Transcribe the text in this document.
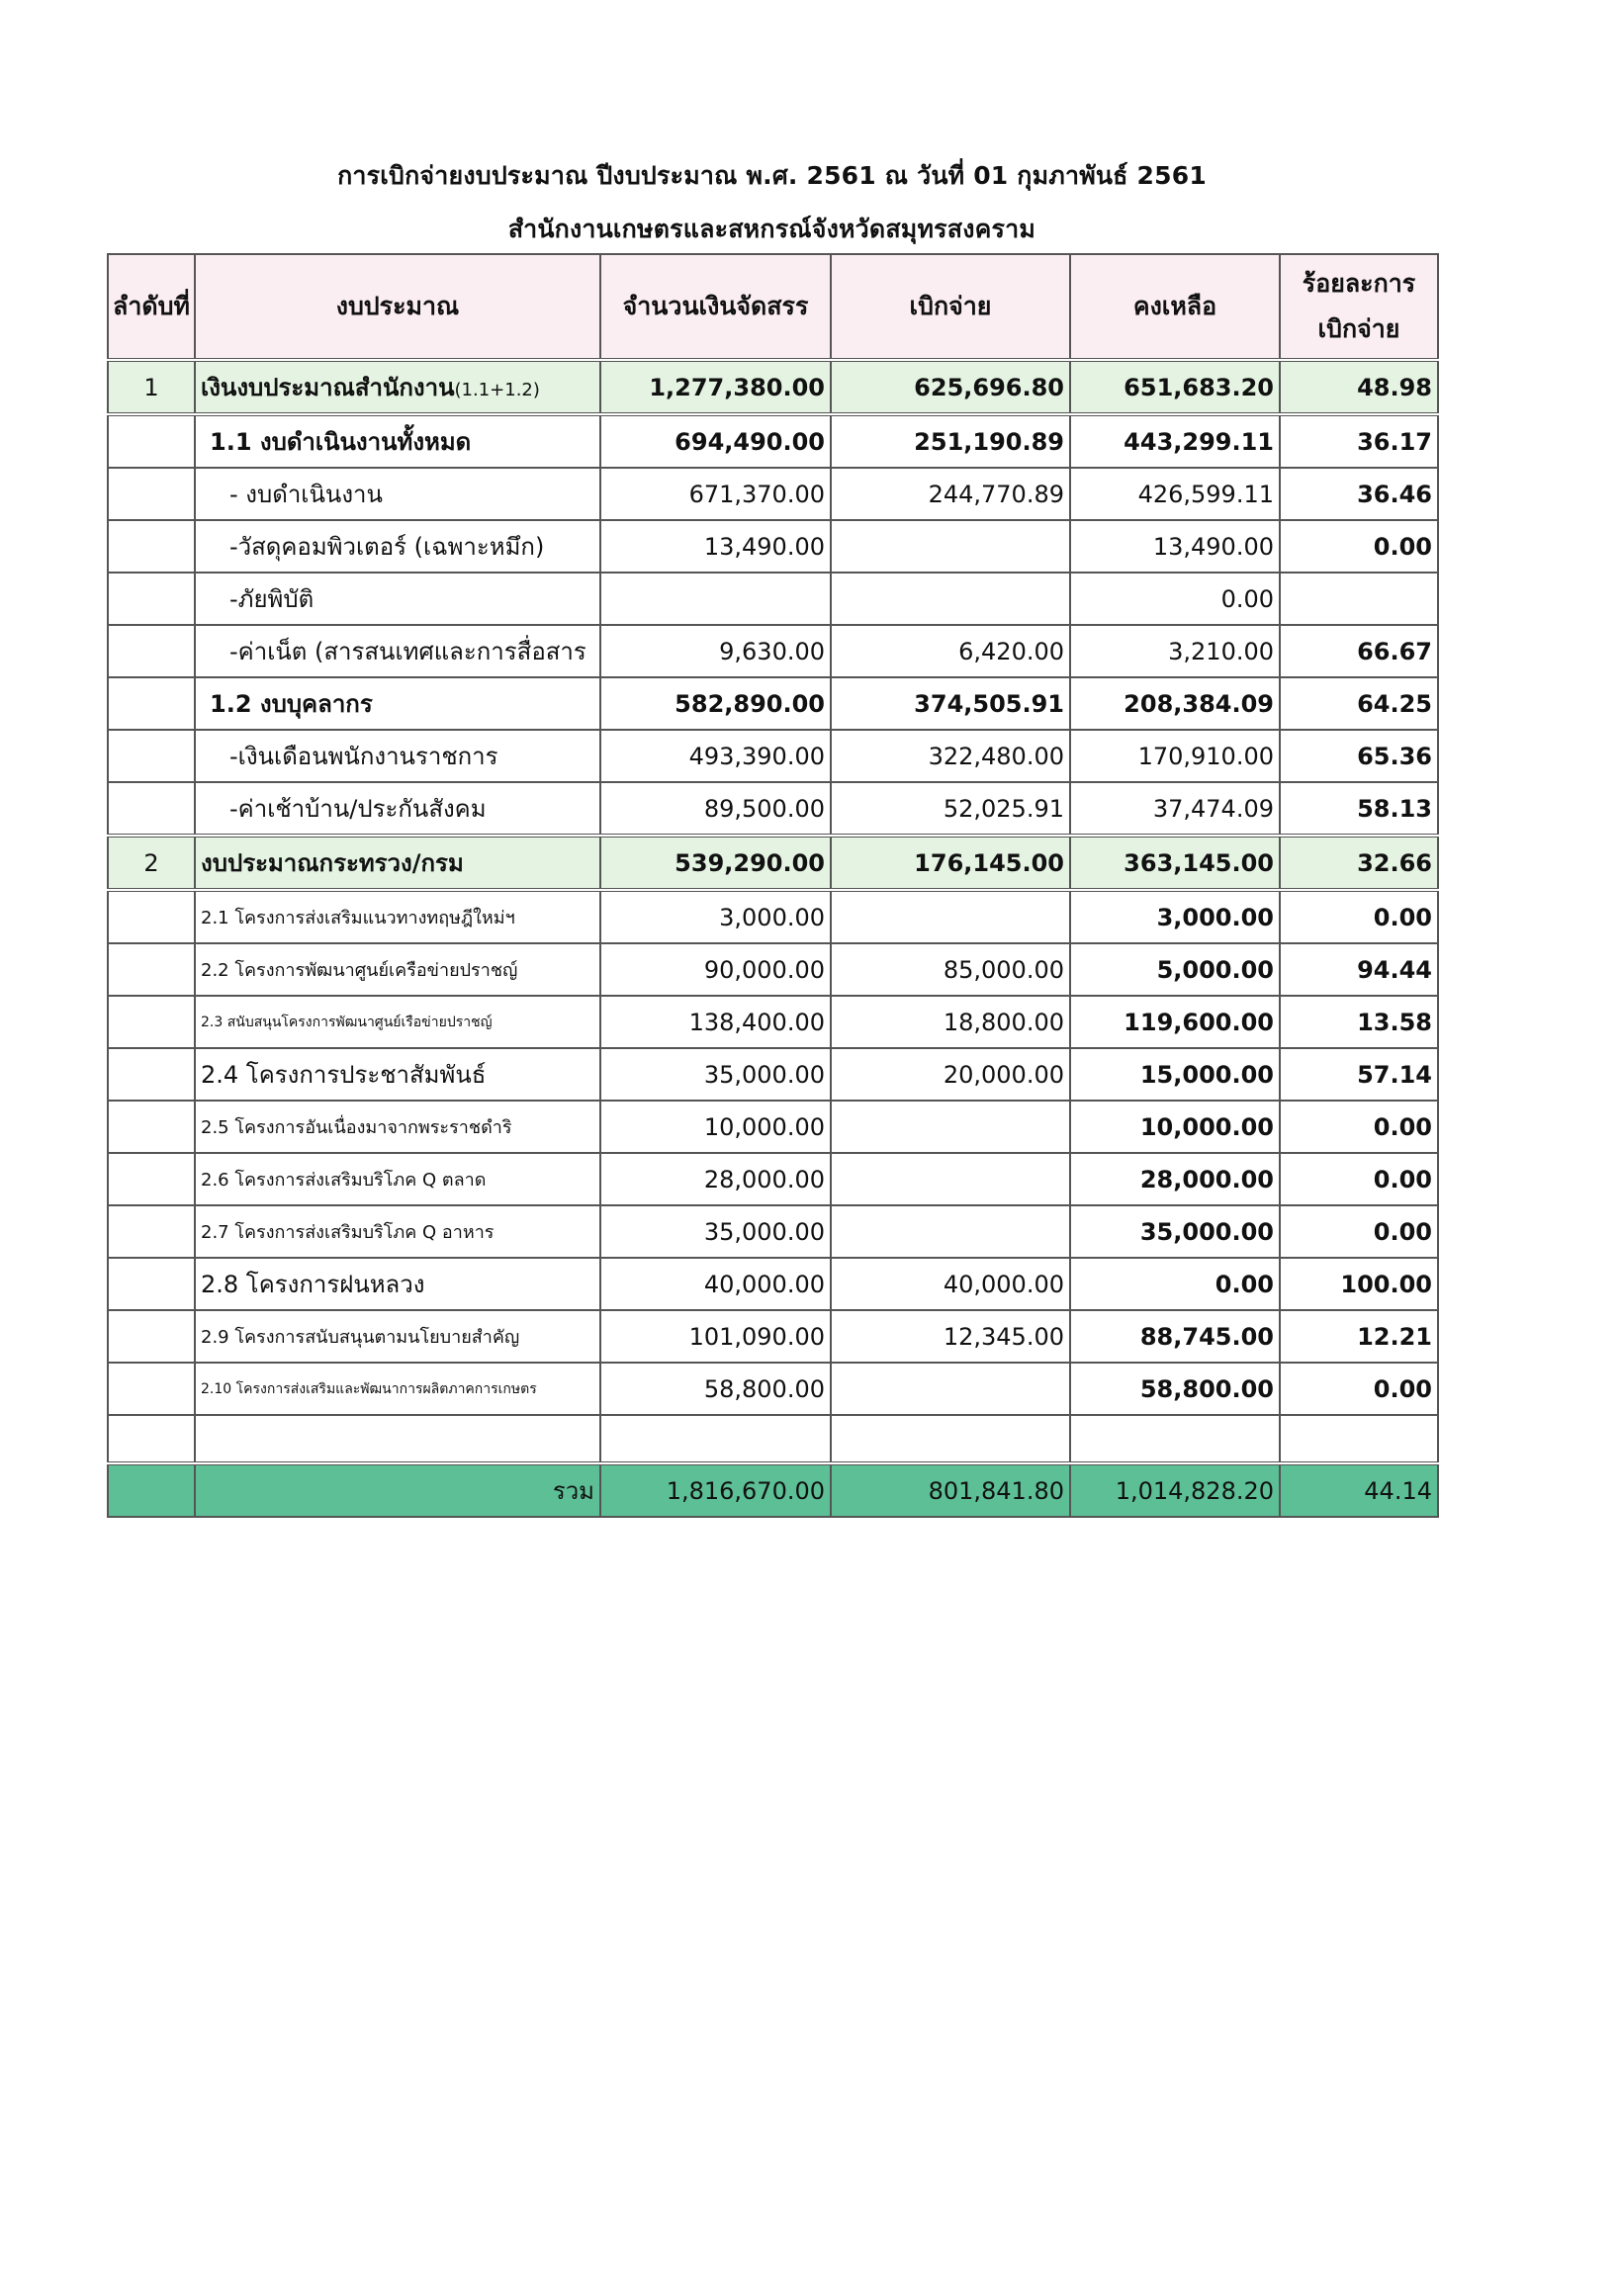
การเบิกจ่ายงบประมาณ ปีงบประมาณ พ.ศ. 2561 ณ วันที่ 01 กุมภาพันธ์ 2561
สำนักงานเกษตรและสหกรณ์จังหวัดสมุทรสงคราม
ลำดับที่	งบประมาณ	จำนวนเงินจัดสรร	เบิกจ่าย	คงเหลือ	ร้อยละการ
เบิกจ่าย

1	เงินงบประมาณสำนักงาน(1.1+1.2)	1,277,380.00	625,696.80	651,683.20	48.98
	1.1 งบดำเนินงานทั้งหมด	694,490.00	251,190.89	443,299.11	36.17
	- งบดำเนินงาน	671,370.00	244,770.89	426,599.11	36.46
	-วัสดุคอมพิวเตอร์ (เฉพาะหมึก)	13,490.00		13,490.00	0.00
	-ภัยพิบัติ			0.00	
	-ค่าเน็ต (สารสนเทศและการสื่อสาร	9,630.00	6,420.00	3,210.00	66.67
	1.2 งบบุคลากร	582,890.00	374,505.91	208,384.09	64.25
	-เงินเดือนพนักงานราชการ	493,390.00	322,480.00	170,910.00	65.36
	-ค่าเช้าบ้าน/ประกันสังคม	89,500.00	52,025.91	37,474.09	58.13
2	งบประมาณกระทรวง/กรม	539,290.00	176,145.00	363,145.00	32.66
	2.1 โครงการส่งเสริมแนวทางทฤษฎีใหม่ฯ	3,000.00		3,000.00	0.00
	2.2 โครงการพัฒนาศูนย์เครือข่ายปราชญ์	90,000.00	85,000.00	5,000.00	94.44
	2.3 สนับสนุนโครงการพัฒนาศูนย์เรือข่ายปราชญ์	138,400.00	18,800.00	119,600.00	13.58
	2.4 โครงการประชาสัมพันธ์	35,000.00	20,000.00	15,000.00	57.14
	2.5 โครงการอันเนื่องมาจากพระราชดำริ	10,000.00		10,000.00	0.00
	2.6 โครงการส่งเสริมบริโภค Q ตลาด	28,000.00		28,000.00	0.00
	2.7 โครงการส่งเสริมบริโภค Q อาหาร	35,000.00		35,000.00	0.00
	2.8 โครงการฝนหลวง	40,000.00	40,000.00	0.00	100.00
	2.9 โครงการสนับสนุนตามนโยบายสำคัญ	101,090.00	12,345.00	88,745.00	12.21
	2.10 โครงการส่งเสริมและพัฒนาการผลิตภาคการเกษตร	58,800.00		58,800.00	0.00

	รวม	1,816,670.00	801,841.80	1,014,828.20	44.14
